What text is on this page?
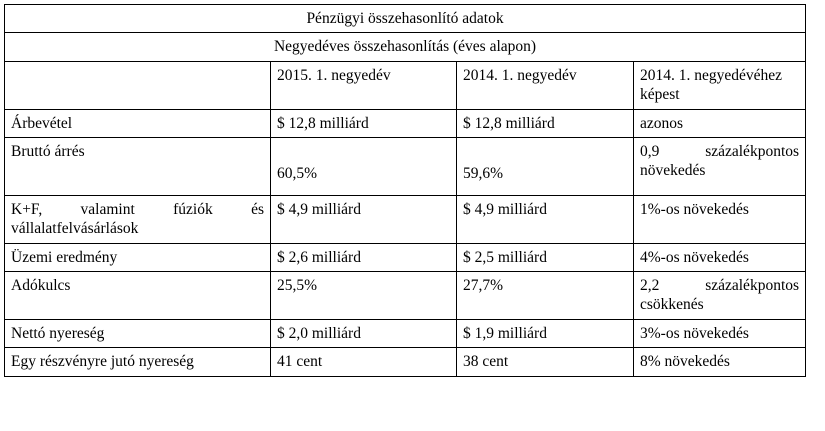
Pénzügyi összehasonlító adatok			
Negyedéves összehasonlítás (éves alapon)			
	2015. 1. negyedév	2014. 1. negyedév	2014. 1. negyedévéhez képest
Árbevétel	$ 12,8 milliárd	$ 12,8 milliárd	azonos
Bruttó árrés	60,5%	59,6%	0,9 százalékpontos növekedés
K+F, valamint fúziók és vállalatfelvásárlások	$ 4,9 milliárd	$ 4,9 milliárd	1%-os növekedés
Üzemi eredmény	$ 2,6 milliárd	$ 2,5 milliárd	4%-os növekedés
Adókulcs	25,5%	27,7%	2,2 százalékpontos csökkenés
Nettó nyereség	$ 2,0 milliárd	$ 1,9 milliárd	3%-os növekedés
Egy részvényre jutó nyereség	41 cent	38 cent	8% növekedés
